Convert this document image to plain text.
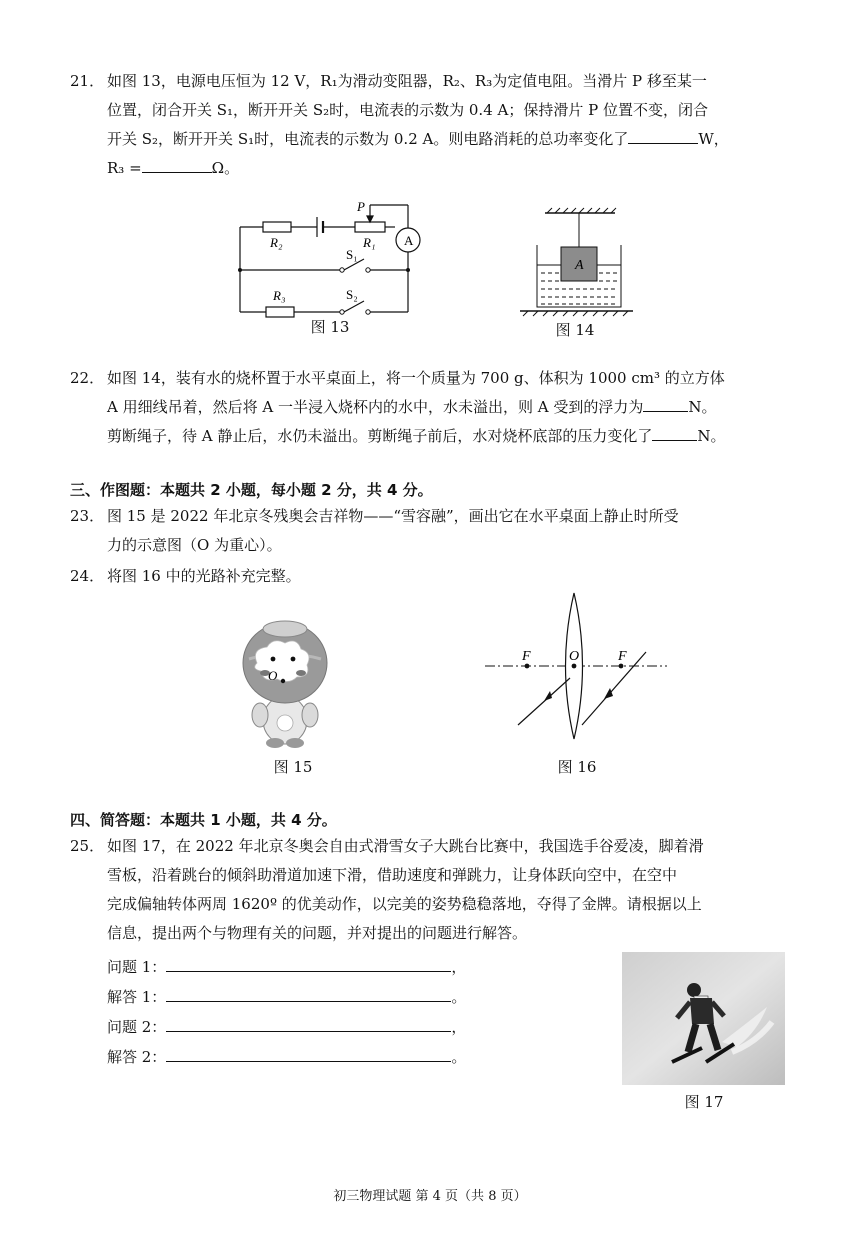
21． 如图 13，电源电压恒为 12 V，R₁为滑动变阻器，R₂、R₃为定值电阻。当滑片 P 移至某一
位置，闭合开关 S₁，断开开关 S₂时，电流表的示数为 0.4 A；保持滑片 P 位置不变，闭合
开关 S₂，断开开关 S₁时，电流表的示数为 0.2 A。则电路消耗的总功率变化了	W，
R₃ =	Ω。
R₂	R₁
P
A
S₁
R₃	S₂
图 13
A
图 14
22． 如图 14，装有水的烧杯置于水平桌面上，将一个质量为 700 g、体积为 1000 cm³ 的立方体
A 用细线吊着，然后将 A 一半浸入烧杯内的水中，水未溢出，则 A 受到的浮力为	N。
剪断绳子，待 A 静止后，水仍未溢出。剪断绳子前后，水对烧杯底部的压力变化了	N。
三、作图题：本题共 2 小题，每小题 2 分，共 4 分。
23． 图 15 是 2022 年北京冬残奥会吉祥物——“雪容融”，画出它在水平桌面上静止时所受
力的示意图（O 为重心）。
24． 将图 16 中的光路补充完整。
O
图 15
F	O	F
图 16
四、简答题：本题共 1 小题，共 4 分。
25． 如图 17，在 2022 年北京冬奥会自由式滑雪女子大跳台比赛中，我国选手谷爱凌，脚着滑
雪板，沿着跳台的倾斜助滑道加速下滑，借助速度和弹跳力，让身体跃向空中，在空中
完成偏轴转体两周 1620º 的优美动作，以完美的姿势稳稳落地，夺得了金牌。请根据以上
信息，提出两个与物理有关的问题，并对提出的问题进行解答。
问题 1：	，
解答 1：	。
问题 2：	，
解答 2：	。
图 17
初三物理试题 第 4 页（共 8 页）
